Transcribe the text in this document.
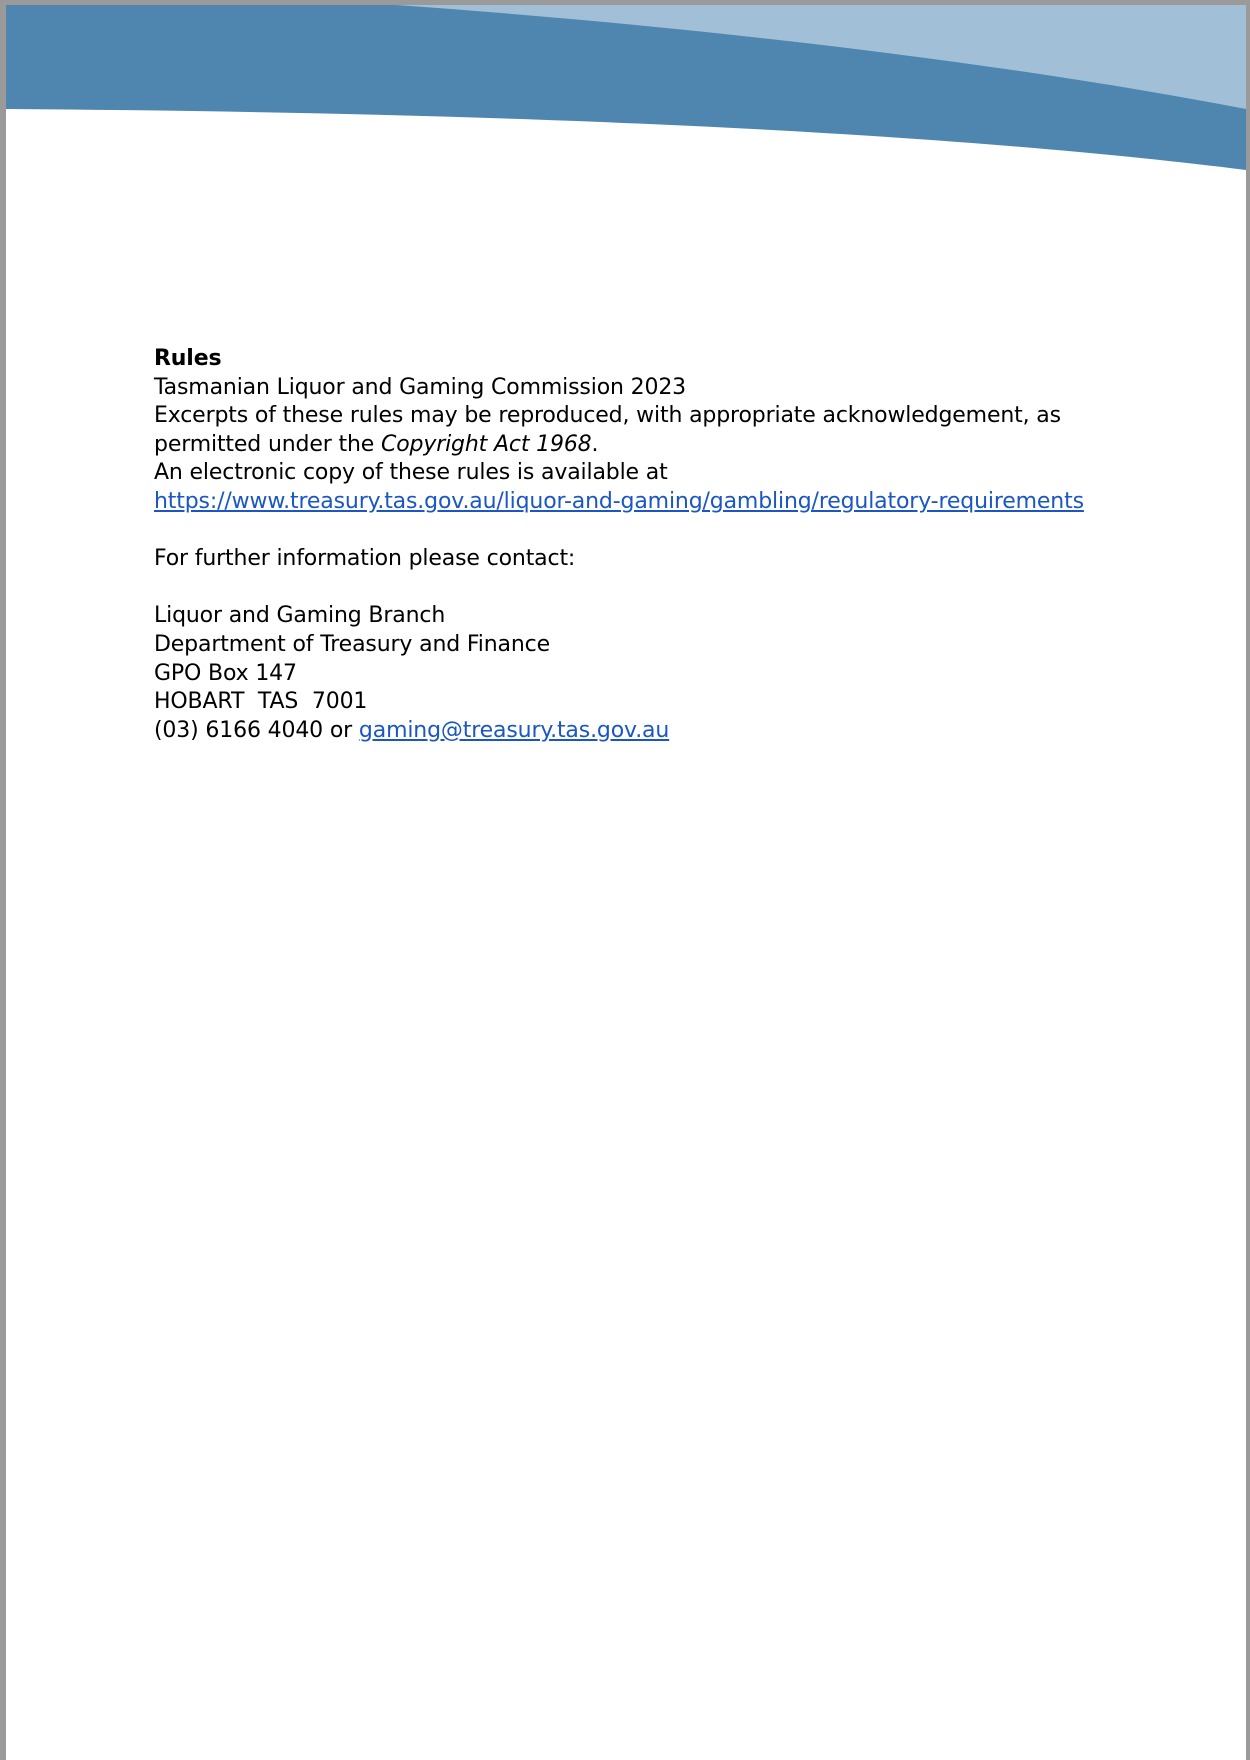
Rules

Tasmanian Liquor and Gaming Commission 2023

Excerpts of these rules may be reproduced, with appropriate acknowledgement, as permitted under the Copyright Act 1968.

An electronic copy of these rules is available at

https://www.treasury.tas.gov.au/liquor-and-gaming/gambling/regulatory-requirements

For further information please contact:

Liquor and Gaming Branch

Department of Treasury and Finance

GPO Box 147

HOBART  TAS  7001

(03) 6166 4040 or gaming@treasury.tas.gov.au
